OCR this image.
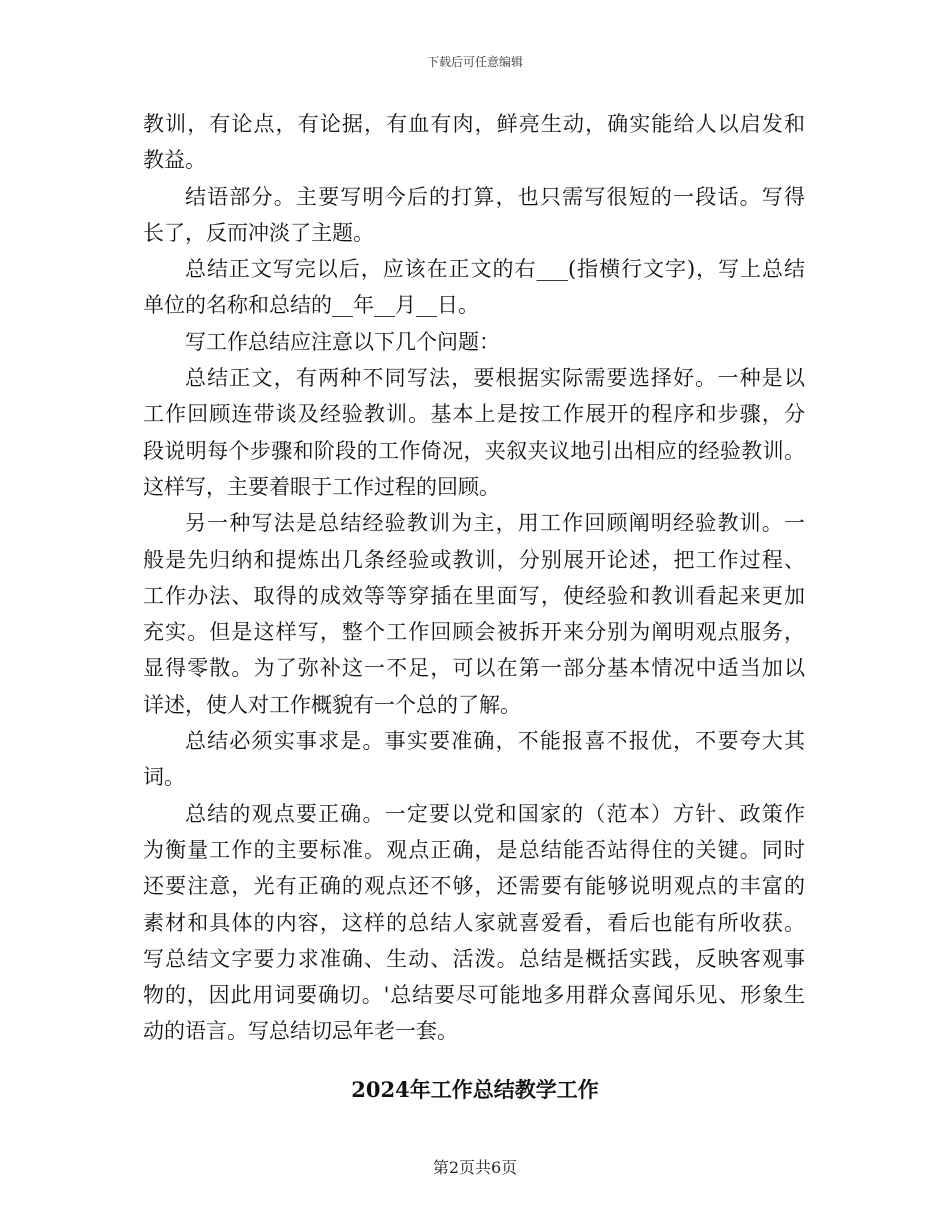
下载后可任意编辑
教训，有论点，有论据，有血有肉，鲜亮生动，确实能给人以启发和
教益。
结语部分。主要写明今后的打算，也只需写很短的一段话。写得
长了，反而冲淡了主题。
总结正文写完以后，应该在正文的右___(指横行文字)，写上总结
单位的名称和总结的__年__月__日。
写工作总结应注意以下几个问题：
总结正文，有两种不同写法，要根据实际需要选择好。一种是以
工作回顾连带谈及经验教训。基本上是按工作展开的程序和步骤，分
段说明每个步骤和阶段的工作倚况，夹叙夹议地引出相应的经验教训。
这样写，主要着眼于工作过程的回顾。
另一种写法是总结经验教训为主，用工作回顾阐明经验教训。一
般是先归纳和提炼出几条经验或教训，分别展开论述，把工作过程、
工作办法、取得的成效等等穿插在里面写，使经验和教训看起来更加
充实。但是这样写，整个工作回顾会被拆开来分别为阐明观点服务，
显得零散。为了弥补这一不足，可以在第一部分基本情况中适当加以
详述，使人对工作概貌有一个总的了解。
总结必须实事求是。事实要准确，不能报喜不报优，不要夸大其
词。
总结的观点要正确。一定要以党和国家的（范本）方针、政策作
为衡量工作的主要标准。观点正确，是总结能否站得住的关键。同时
还要注意，光有正确的观点还不够，还需要有能够说明观点的丰富的
素材和具体的内容，这样的总结人家就喜爱看，看后也能有所收获。
写总结文字要力求准确、生动、活泼。总结是概括实践，反映客观事
物的，因此用词要确切。'总结要尽可能地多用群众喜闻乐见、形象生
动的语言。写总结切忌年老一套。
2024年工作总结教学工作
第2页共6页
